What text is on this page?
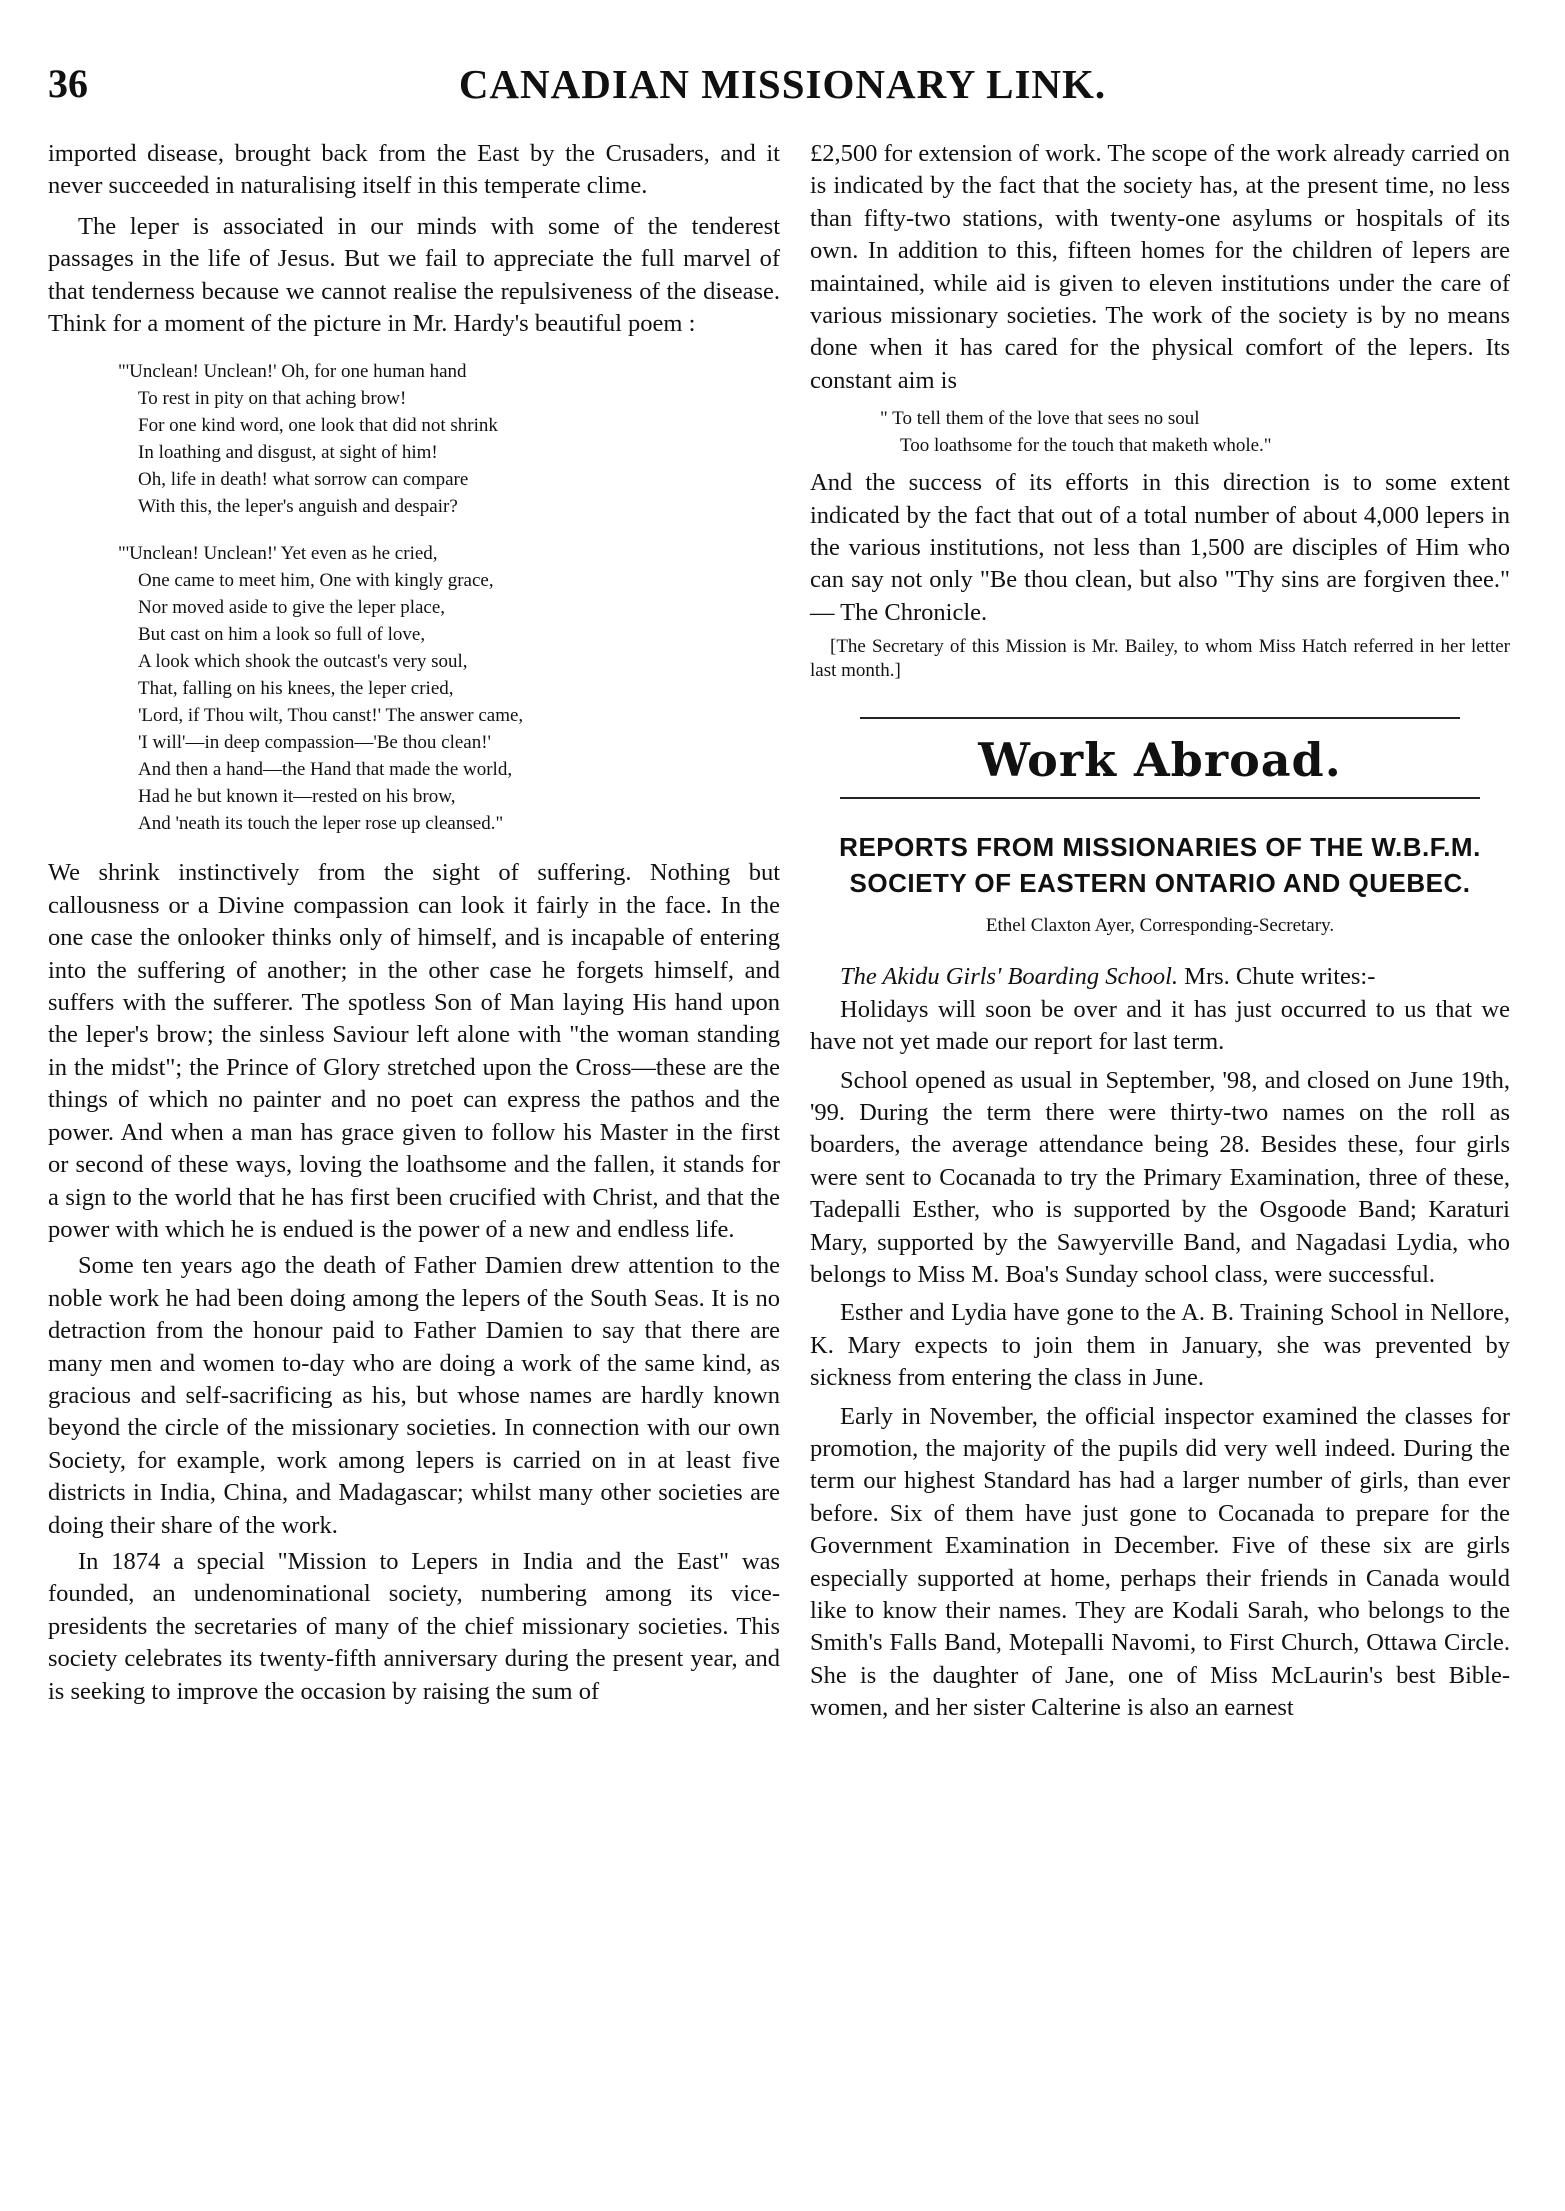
36	CANADIAN MISSIONARY LINK.

imported disease, brought back from the East by the Crusaders, and it never succeeded in naturalising itself in this temperate clime.

The leper is associated in our minds with some of the tenderest passages in the life of Jesus. But we fail to appreciate the full marvel of that tenderness because we cannot realise the repulsiveness of the disease. Think for a moment of the picture in Mr. Hardy's beautiful poem :

"'Unclean! Unclean!' Oh, for one human hand
To rest in pity on that aching brow!
For one kind word, one look that did not shrink
In loathing and disgust, at sight of him!
Oh, life in death! what sorrow can compare
With this, the leper's anguish and despair?
"'Unclean! Unclean!' Yet even as he cried,
One came to meet him, One with kingly grace,
Nor moved aside to give the leper place,
But cast on him a look so full of love,
A look which shook the outcast's very soul,
That, falling on his knees, the leper cried,
'Lord, if Thou wilt, Thou canst!' The answer came,
'I will'—in deep compassion—'Be thou clean!'
And then a hand—the Hand that made the world,
Had he but known it—rested on his brow,
And 'neath its touch the leper rose up cleansed."

We shrink instinctively from the sight of suffering. Nothing but callousness or a Divine compassion can look it fairly in the face. In the one case the onlooker thinks only of himself, and is incapable of entering into the suffering of another; in the other case he forgets himself, and suffers with the sufferer. The spotless Son of Man laying His hand upon the leper's brow; the sinless Saviour left alone with "the woman standing in the midst"; the Prince of Glory stretched upon the Cross—these are the things of which no painter and no poet can express the pathos and the power. And when a man has grace given to follow his Master in the first or second of these ways, loving the loathsome and the fallen, it stands for a sign to the world that he has first been crucified with Christ, and that the power with which he is endued is the power of a new and endless life.

Some ten years ago the death of Father Damien drew attention to the noble work he had been doing among the lepers of the South Seas. It is no detraction from the honour paid to Father Damien to say that there are many men and women to-day who are doing a work of the same kind, as gracious and self-sacrificing as his, but whose names are hardly known beyond the circle of the missionary societies. In connection with our own Society, for example, work among lepers is carried on in at least five districts in India, China, and Madagascar; whilst many other societies are doing their share of the work.

In 1874 a special "Mission to Lepers in India and the East" was founded, an undenominational society, numbering among its vice-presidents the secretaries of many of the chief missionary societies. This society celebrates its twenty-fifth anniversary during the present year, and is seeking to improve the occasion by raising the sum of

£2,500 for extension of work. The scope of the work already carried on is indicated by the fact that the society has, at the present time, no less than fifty-two stations, with twenty-one asylums or hospitals of its own. In addition to this, fifteen homes for the children of lepers are maintained, while aid is given to eleven institutions under the care of various missionary societies. The work of the society is by no means done when it has cared for the physical comfort of the lepers. Its constant aim is

" To tell them of the love that sees no soul
Too loathsome for the touch that maketh whole."

And the success of its efforts in this direction is to some extent indicated by the fact that out of a total number of about 4,000 lepers in the various institutions, not less than 1,500 are disciples of Him who can say not only "Be thou clean, but also "Thy sins are forgiven thee." — The Chronicle.

[The Secretary of this Mission is Mr. Bailey, to whom Miss Hatch referred in her letter last month.]

Work Abroad.
REPORTS FROM MISSIONARIES OF THE W.B.F.M.
SOCIETY OF EASTERN ONTARIO AND QUEBEC.
Ethel Claxton Ayer, Corresponding-Secretary.

The Akidu Girls' Boarding School. Mrs. Chute writes:-

Holidays will soon be over and it has just occurred to us that we have not yet made our report for last term.

School opened as usual in September, '98, and closed on June 19th, '99. During the term there were thirty-two names on the roll as boarders, the average attendance being 28. Besides these, four girls were sent to Cocanada to try the Primary Examination, three of these, Tadepalli Esther, who is supported by the Osgoode Band; Karaturi Mary, supported by the Sawyerville Band, and Nagadasi Lydia, who belongs to Miss M. Boa's Sunday school class, were successful.

Esther and Lydia have gone to the A. B. Training School in Nellore, K. Mary expects to join them in January, she was prevented by sickness from entering the class in June.

Early in November, the official inspector examined the classes for promotion, the majority of the pupils did very well indeed. During the term our highest Standard has had a larger number of girls, than ever before. Six of them have just gone to Cocanada to prepare for the Government Examination in December. Five of these six are girls especially supported at home, perhaps their friends in Canada would like to know their names. They are Kodali Sarah, who belongs to the Smith's Falls Band, Motepalli Navomi, to First Church, Ottawa Circle. She is the daughter of Jane, one of Miss McLaurin's best Bible-women, and her sister Calterine is also an earnest
